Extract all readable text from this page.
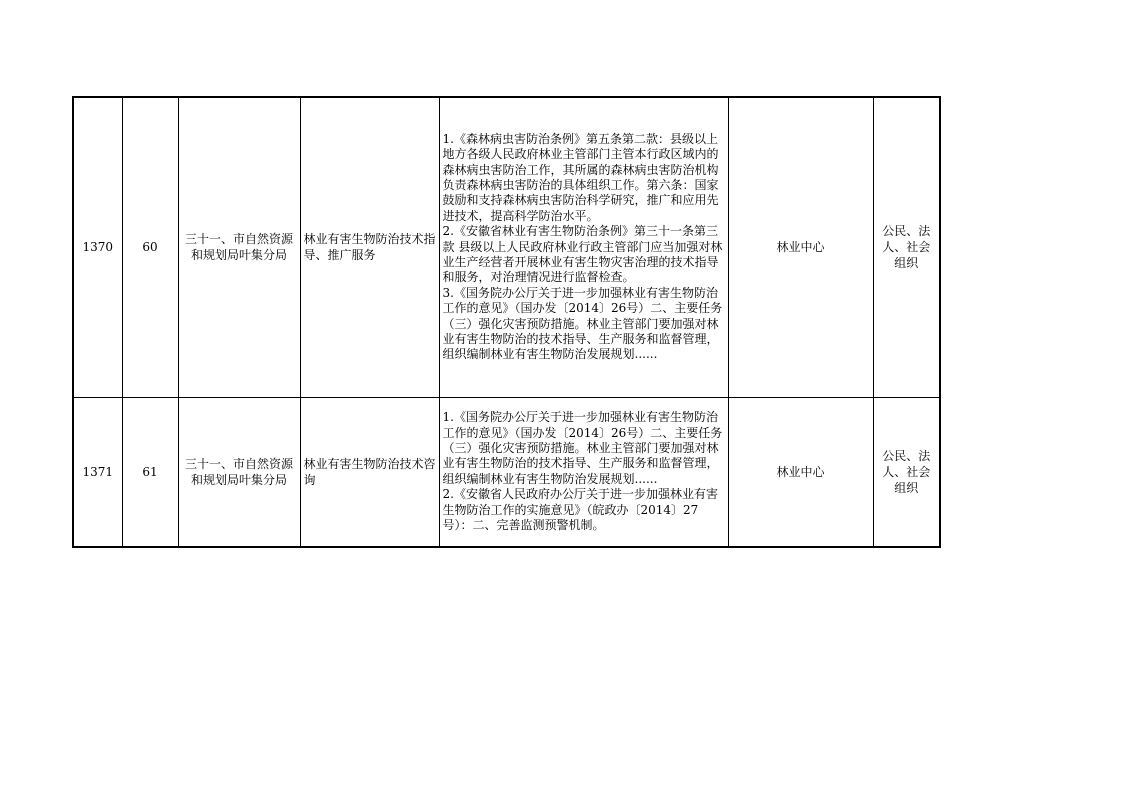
1370	60	三十一、市自然资源和规划局叶集分局	林业有害生物防治技术指导、推广服务	1.《森林病虫害防治条例》第五条第二款：县级以上地方各级人民政府林业主管部门主管本行政区域内的森林病虫害防治工作，其所属的森林病虫害防治机构负责森林病虫害防治的具体组织工作。第六条：国家鼓励和支持森林病虫害防治科学研究，推广和应用先进技术，提高科学防治水平。
2.《安徽省林业有害生物防治条例》第三十一条第三款 县级以上人民政府林业行政主管部门应当加强对林业生产经营者开展林业有害生物灾害治理的技术指导和服务，对治理情况进行监督检查。
3.《国务院办公厅关于进一步加强林业有害生物防治工作的意见》（国办发〔2014〕26号）二、主要任务（三）强化灾害预防措施。林业主管部门要加强对林业有害生物防治的技术指导、生产服务和监督管理，组织编制林业有害生物防治发展规划......	林业中心	公民、法人、社会组织
1371	61	三十一、市自然资源和规划局叶集分局	林业有害生物防治技术咨询	1.《国务院办公厅关于进一步加强林业有害生物防治工作的意见》（国办发〔2014〕26号）二、主要任务（三）强化灾害预防措施。林业主管部门要加强对林业有害生物防治的技术指导、生产服务和监督管理，组织编制林业有害生物防治发展规划......
2.《安徽省人民政府办公厅关于进一步加强林业有害生物防治工作的实施意见》（皖政办〔2014〕27号）：二、完善监测预警机制。	林业中心	公民、法人、社会组织
